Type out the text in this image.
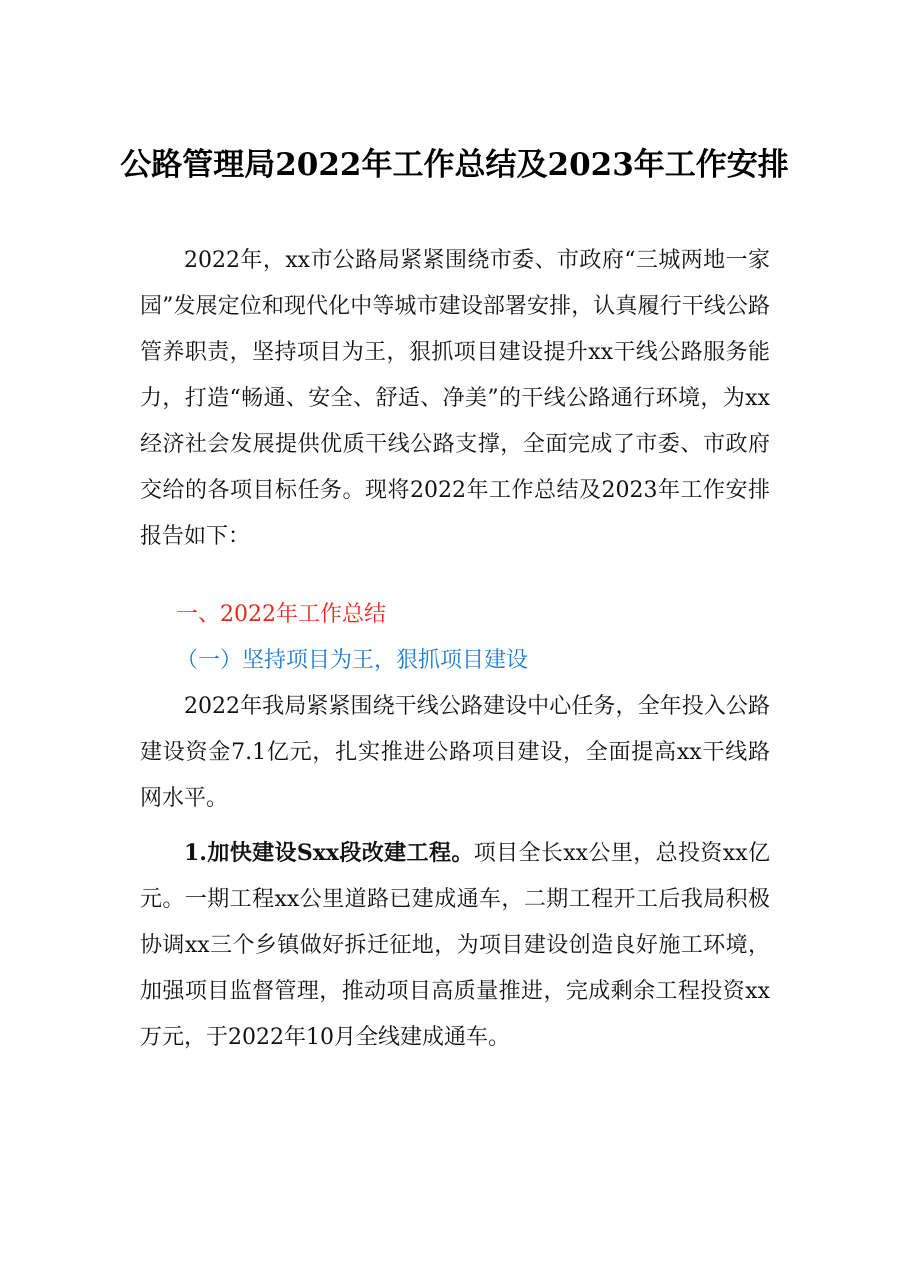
公路管理局2022年工作总结及2023年工作安排

2022年，xx市公路局紧紧围绕市委、市政府“三城两地一家园”发展定位和现代化中等城市建设部署安排，认真履行干线公路管养职责，坚持项目为王，狠抓项目建设提升xx干线公路服务能力，打造“畅通、安全、舒适、净美”的干线公路通行环境，为xx经济社会发展提供优质干线公路支撑，全面完成了市委、市政府交给的各项目标任务。现将2022年工作总结及2023年工作安排报告如下：

一、2022年工作总结

（一）坚持项目为王，狠抓项目建设

2022年我局紧紧围绕干线公路建设中心任务，全年投入公路建设资金7.1亿元，扎实推进公路项目建设，全面提高xx干线路网水平。

1.加快建设Sxx段改建工程。项目全长xx公里，总投资xx亿元。一期工程xx公里道路已建成通车，二期工程开工后我局积极协调xx三个乡镇做好拆迁征地，为项目建设创造良好施工环境，加强项目监督管理，推动项目高质量推进，完成剩余工程投资xx万元，于2022年10月全线建成通车。
